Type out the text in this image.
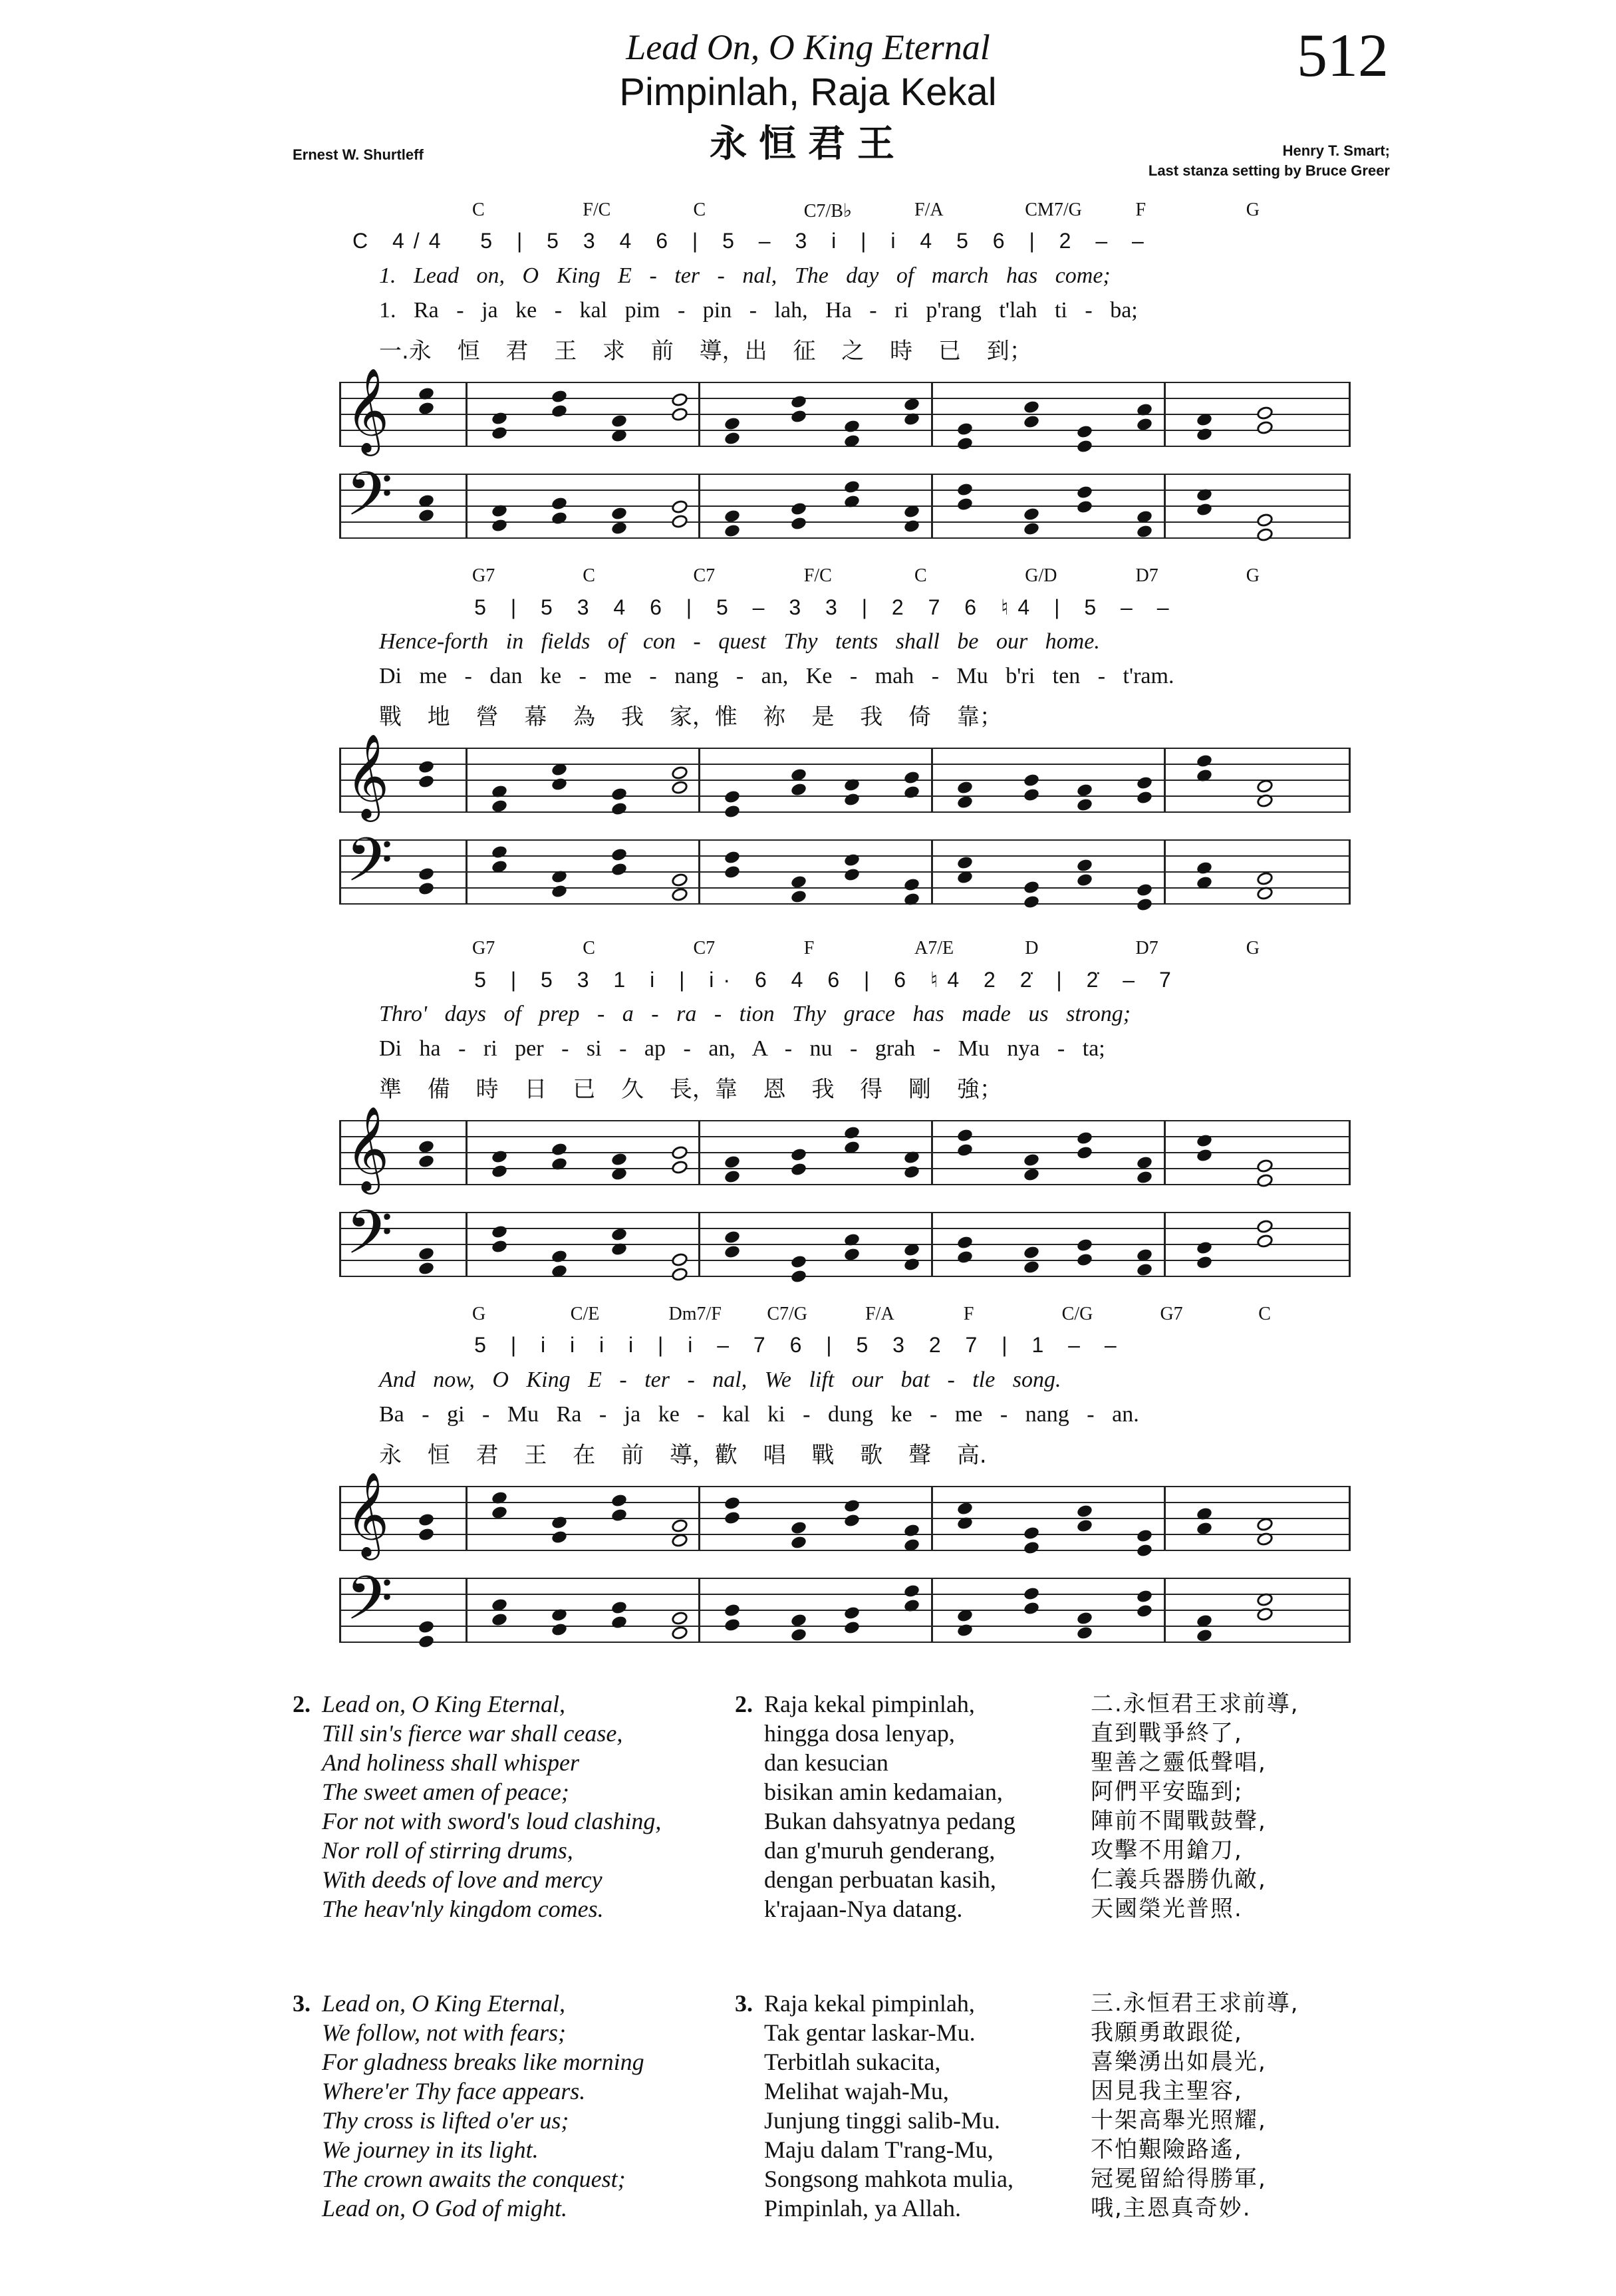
Lead On, O King Eternal
Pimpinlah, Raja Kekal
永恒君王
512
Ernest W. Shurtleff	Henry T. Smart;
Last stanza setting by Bruce Greer
C	F/C	C	C7/B♭	F/A	CM7/G	F	G
C 4/4  5 | 5 3 4 6 | 5 – 3 i | i 4 5 6 | 2 – –
1. Lead on, O King E - ter - nal, The day of march has come;
1. Ra - ja ke - kal pim - pin - lah, Ha - ri p'rang t'lah ti - ba;
一.永 恒 君 王 求 前 導，出 征 之 時 已 到；
𝄞
𝄢
G7	C	C7	F/C	C	G/D	D7	G
5 | 5 3 4 6 | 5 – 3 3 | 2 7 6 ♮4 | 5 – –
Hence-forth in fields of con - quest Thy tents shall be our home.
Di me - dan ke - me - nang - an, Ke - mah - Mu b'ri ten - t'ram.
戰 地 營 幕 為 我 家，惟 祢 是 我 倚 靠；
𝄞
𝄢
G7	C	C7	F	A7/E	D	D7	G
5 | 5 3 1 i | i· 6 4 6 | 6 ♮4 2 2̇ | 2̇ – 7
Thro' days of prep - a - ra - tion Thy grace has made us strong;
Di ha - ri per - si - ap - an, A - nu - grah - Mu nya - ta;
準 備 時 日 已 久 長，靠 恩 我 得 剛 強；
𝄞
𝄢
G	C/E	Dm7/F C7/G	F/A	F	C/G	G7	C
5 | i i i i | i – 7 6 | 5 3 2 7 | 1 – –
And now, O King E - ter - nal, We lift our bat - tle song.
Ba - gi - Mu Ra - ja ke - kal ki - dung ke - me - nang - an.
永 恒 君 王 在 前 導，歡 唱 戰 歌 聲 高.
𝄞
𝄢
2. Lead on, O King Eternal,
Till sin's fierce war shall cease,
And holiness shall whisper
The sweet amen of peace;
For not with sword's loud clashing,
Nor roll of stirring drums,
With deeds of love and mercy
The heav'nly kingdom comes.
2. Raja kekal pimpinlah,
hingga dosa lenyap,
dan kesucian
bisikan amin kedamaian,
Bukan dahsyatnya pedang
dan g'muruh genderang,
dengan perbuatan kasih,
k'rajaan-Nya datang.
二.永恒君王求前導,
直到戰爭終了,
聖善之靈低聲唱,
阿們平安臨到;
陣前不聞戰鼓聲,
攻擊不用鎗刀,
仁義兵器勝仇敵,
天國榮光普照.
3. Lead on, O King Eternal,
We follow, not with fears;
For gladness breaks like morning
Where'er Thy face appears.
Thy cross is lifted o'er us;
We journey in its light.
The crown awaits the conquest;
Lead on, O God of might.
3. Raja kekal pimpinlah,
Tak gentar laskar-Mu.
Terbitlah sukacita,
Melihat wajah-Mu,
Junjung tinggi salib-Mu.
Maju dalam T'rang-Mu,
Songsong mahkota mulia,
Pimpinlah, ya Allah.
三.永恒君王求前導,
我願勇敢跟從,
喜樂湧出如晨光,
因見我主聖容,
十架高舉光照耀,
不怕艱險路遙,
冠冕留給得勝軍,
哦,主恩真奇妙.
